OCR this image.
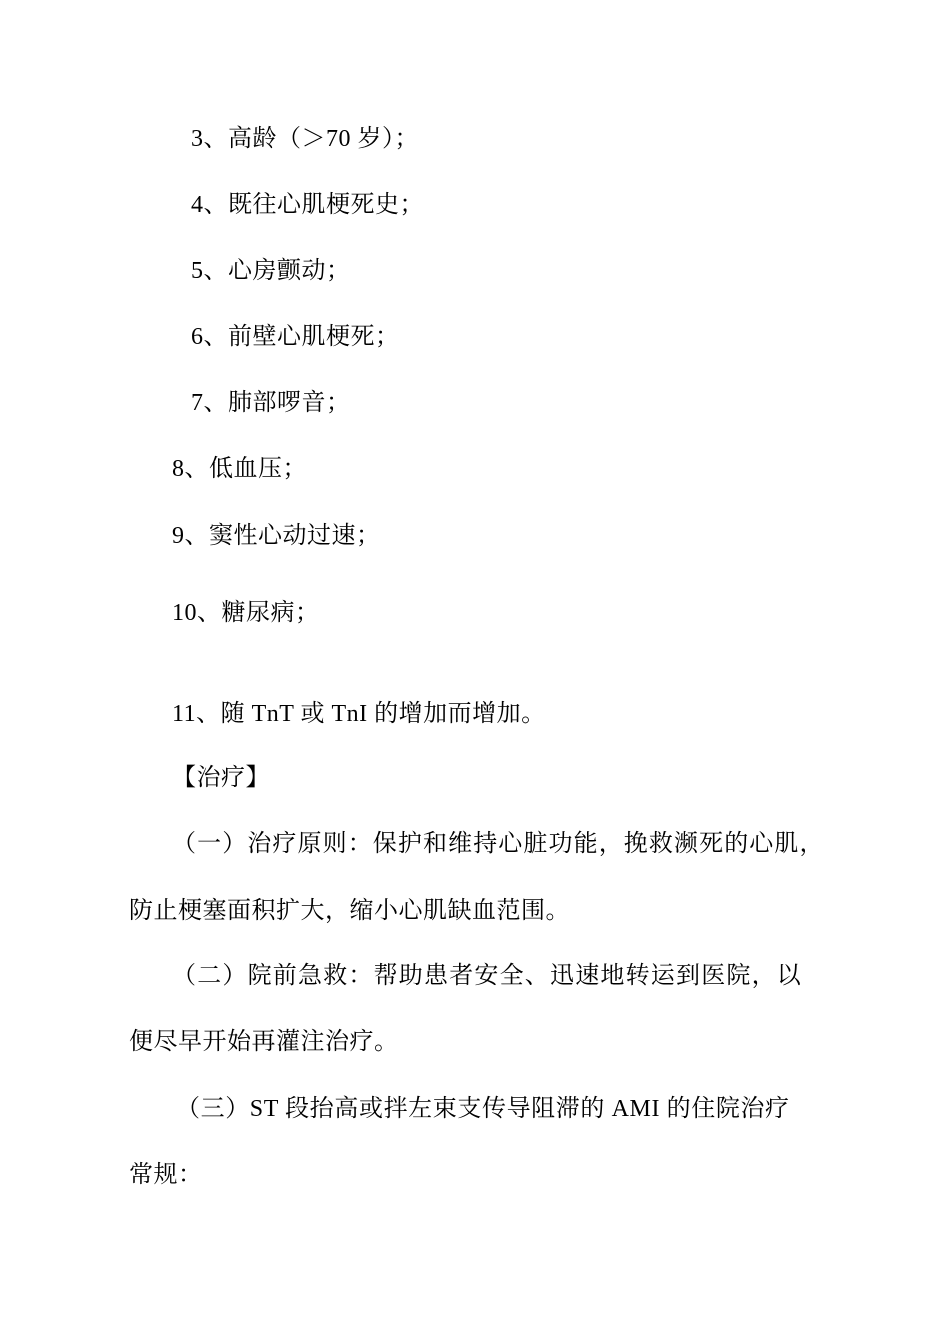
3、高龄（＞70 岁）；
4、既往心肌梗死史；
5、心房颤动；
6、前壁心肌梗死；
7、肺部啰音；
8、低血压；
9、窦性心动过速；
10、糖尿病；
11、随 TnT 或 TnI 的增加而增加。
【治疗】
（一）治疗原则：保护和维持心脏功能，挽救濒死的心肌，
防止梗塞面积扩大，缩小心肌缺血范围。
（二）院前急救：帮助患者安全、迅速地转运到医院，以
便尽早开始再灌注治疗。
（三）ST 段抬高或拌左束支传导阻滞的 AMI 的住院治疗
常规：
